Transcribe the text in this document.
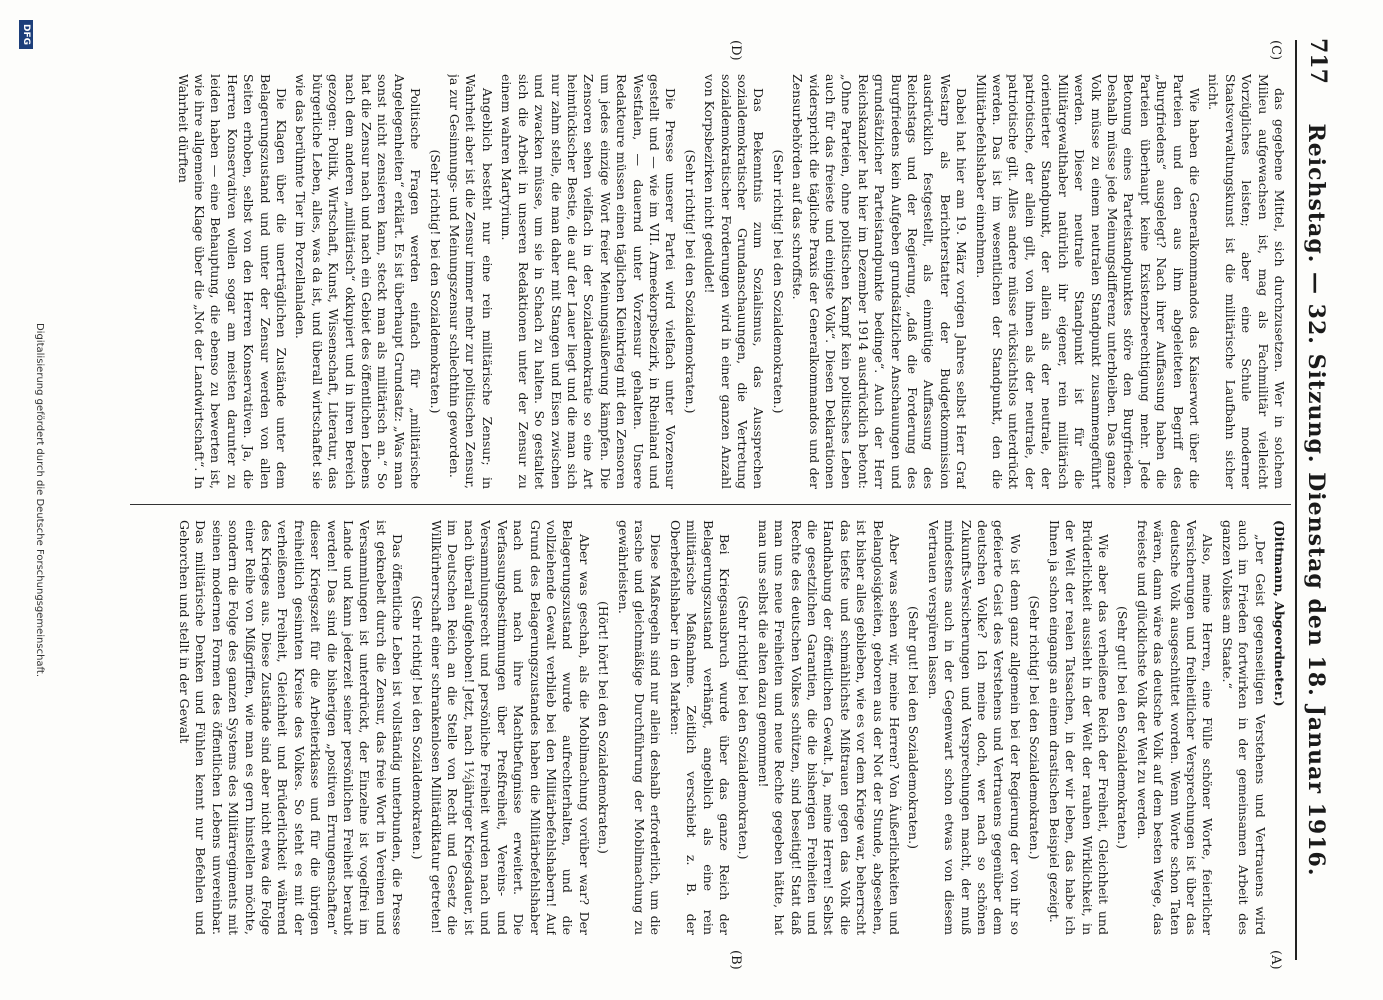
717
Reichstag. — 32. Sitzung. Dienstag den 18. Januar 1916.
(C)
(D)
(A)
(B)

das gegebene Mittel, sich durchzusetzen. Wer in solchem Milieu aufgewachsen ist, mag als Fachmilitär vielleicht Vorzügliches leisten; aber eine Schule moderner Staatsverwaltungskunst ist die militärische Laufbahn sicher nicht.

Wie haben die Generalkommandos das Kaiserwort über die Parteien und den aus ihm abgeleiteten Begriff des „Burgfriedens“ ausgelegt? Nach ihrer Auffassung haben die Parteien überhaupt keine Existenzberechtigung mehr. Jede Betonung eines Parteistandpunktes störe den Burgfrieden. Deshalb müsse jede Meinungsdifferenz unterbleiben. Das ganze Volk müsse zu einem neutralen Standpunkt zusammengeführt werden. Dieser neutrale Standpunkt ist für die Militärgewalthaber natürlich ihr eigener, rein militärisch orientierter Standpunkt, der allein als der neutrale, der patriotische, der allein gilt, von ihnen als der neutrale, der patriotische gilt. Alles andere müsse rücksichtslos unterdrückt werden. Das ist im wesentlichen der Standpunkt, den die Militärbefehlshaber einnehmen.

Dabei hat hier am 19. März vorigen Jahres selbst Herr Graf Westarp als Berichterstatter der Budgetkommission ausdrücklich festgestellt, als einmütige Auffassung des Reichstags und der Regierung, „daß die Forderung des Burgfriedens kein Aufgeben grundsätzlicher Anschauungen und grundsätzlicher Parteistandpunkte bedinge“. Auch der Herr Reichskanzler hat hier im Dezember 1914 ausdrücklich betont: „Ohne Parteien, ohne politischen Kampf kein politisches Leben auch für das freieste und einigste Volk“. Diesen Deklarationen widerspricht die tägliche Praxis der Generalkommandos und der Zensurbehörden auf das schroffste.

(Sehr richtig! bei den Sozialdemokraten.)

Das Bekenntnis zum Sozialismus, das Aussprechen sozialdemokratischer Grundanschauungen, die Vertretung sozialdemokratischer Forderungen wird in einer ganzen Anzahl von Korpsbezirken nicht geduldet!

(Sehr richtig! bei den Sozialdemokraten.)

Die Presse unserer Partei wird vielfach unter Vorzensur gestellt und — wie im VII. Armeekorpsbezirk, in Rheinland und Westfalen, — dauernd unter Vorzensur gehalten. Unsere Redakteure müssen einen täglichen Kleinkrieg mit den Zensoren um jedes einzige Wort freier Meinungsäußerung kämpfen. Die Zensoren sehen vielfach in der Sozialdemokratie so eine Art heimtückischer Bestie, die auf der Lauer liegt und die man sich nur zahm stelle, die man daher mit Stangen und Eisen zwischen und zwacken müsse, um sie in Schach zu halten. So gestaltet sich die Arbeit in unseren Redaktionen unter der Zensur zu einem wahren Martyrium.

Angeblich besteht nur eine rein militärische Zensur; in Wahrheit aber ist die Zensur immer mehr zur politischen Zensur, ja zur Gesinnungs- und Meinungszensur schlechthin geworden.

(Sehr richtig! bei den Sozialdemokraten.)

Politische Fragen werden einfach für „militärische Angelegenheiten“ erklärt. Es ist überhaupt Grundsatz: „Was man sonst nicht zensieren kann, steckt man als militärisch an.“ So hat die Zensur nach und nach ein Gebiet des öffentlichen Lebens nach dem anderen „militärisch“ okkupiert und in ihren Bereich gezogen: Politik, Wirtschaft, Kunst, Wissenschaft, Literatur, das bürgerliche Leben, alles, was da ist, und überall wirtschaftet sie wie das berühmte Tier im Porzellanladen.

Die Klagen über die unerträglichen Zustände unter dem Belagerungszustand und unter der Zensur werden von allen Seiten erhoben, selbst von den Herren Konservativen. Ja, die Herren Konservativen wollen sogar am meisten darunter zu leiden haben — eine Behauptung, die ebenso zu bewerten ist, wie ihre allgemeine Klage über die „Not der Landwirtschaft“. In Wahrheit dürften

(Dittmann, Abgeordneter.)

„Der Geist gegenseitigen Verstehens und Vertrauens wird auch im Frieden fortwirken in der gemeinsamen Arbeit des ganzen Volkes am Staate.“

Also, meine Herren, eine Fülle schöner Worte, feierlicher Versicherungen und freiheitlicher Versprechungen ist über das deutsche Volk ausgeschüttet worden. Wenn Worte schon Taten wären, dann wäre das deutsche Volk auf dem besten Wege, das freieste und glücklichste Volk der Welt zu werden.

(Sehr gut! bei den Sozialdemokraten.)

Wie aber das verheißene Reich der Freiheit, Gleichheit und Brüderlichkeit aussieht in der Welt der rauhen Wirklichkeit, in der Welt der realen Tatsachen, in der wir leben, das habe ich Ihnen ja schon eingangs an einem drastischen Beispiel gezeigt.

(Sehr richtig! bei den Sozialdemokraten.)

Wo ist denn ganz allgemein bei der Regierung der von ihr so gefeierte Geist des Verstehens und Vertrauens gegenüber dem deutschen Volke? Ich meine doch, wer nach so schönen Zukunfts-Versicherungen und Versprechungen macht, der muß mindestens auch in der Gegenwart schon etwas von diesem Vertrauen verspüren lassen.

(Sehr gut! bei den Sozialdemokraten.)

Aber was sehen wir, meine Herren? Von Äußerlichkeiten und Belanglosigkeiten, geboren aus der Not der Stunde, abgesehen, ist bisher alles geblieben, wie es vor dem Kriege war, beherrscht das tiefste und schmählichste Mißtrauen gegen das Volk die Handhabung der öffentlichen Gewalt. Ja, meine Herren! Selbst die gesetzlichen Garantien, die die bisherigen Freiheiten und Rechte des deutschen Volkes schützen, sind beseitigt! Statt daß man uns neue Freiheiten und neue Rechte gegeben hätte, hat man uns selbst die alten dazu genommen!

(Sehr richtig! bei den Sozialdemokraten.)

Bei Kriegsausbruch wurde über das ganze Reich der Belagerungszustand verhängt, angeblich als eine rein militärische Maßnahme. Zeitlich verschiebt z. B. der Oberbefehlshaber in den Marken:

Diese Maßregeln sind nur allein deshalb erforderlich, um die rasche und gleichmäßige Durchführung der Mobilmachung zu gewährleisten.

(Hört! hört! bei den Sozialdemokraten.)

Aber was geschah, als die Mobilmachung vorüber war? Der Belagerungszustand wurde aufrechterhalten, und die vollziehende Gewalt verblieb bei den Militärbefehlshabern! Auf Grund des Belagerungszustandes haben die Militärbefehlshaber nach und nach ihre Machtbefugnisse erweitert. Die Verfassungsbestimmungen über Preßfreiheit, Vereins- und Versammlungsrecht und persönliche Freiheit wurden nach und nach überall aufgehoben! Jetzt, nach 1½jähriger Kriegsdauer, ist im Deutschen Reich an die Stelle von Recht und Gesetz die Willkürherrschaft einer schrankenlosen Militärdiktatur getreten!

(Sehr richtig! bei den Sozialdemokraten.)

Das öffentliche Leben ist vollständig unterbunden, die Presse ist geknebelt durch die Zensur, das freie Wort in Vereinen und Versammlungen ist unterdrückt, der Einzelne ist vogelfrei im Lande und kann jederzeit seiner persönlichen Freiheit beraubt werden! Das sind die bisherigen „positiven Errungenschaften“ dieser Kriegszeit für die Arbeiterklasse und für die übrigen freiheitlich gesinnten Kreise des Volkes. So steht es mit der verheißenen Freiheit, Gleichheit und Brüderlichkeit während des Krieges aus. Diese Zustände sind aber nicht etwa die Folge einer Reihe von Mißgriffen, wie man es gern hinstellen möchte, sondern die Folge des ganzen Systems des Militärregiments mit seinen modernen Formen des öffentlichen Lebens unvereinbar. Das militärische Denken und Fühlen kennt nur Befehlen und Gehorchen und stellt in der Gewalt

DFG
Digitalisierung gefördert durch die Deutsche Forschungsgemeinschaft.
